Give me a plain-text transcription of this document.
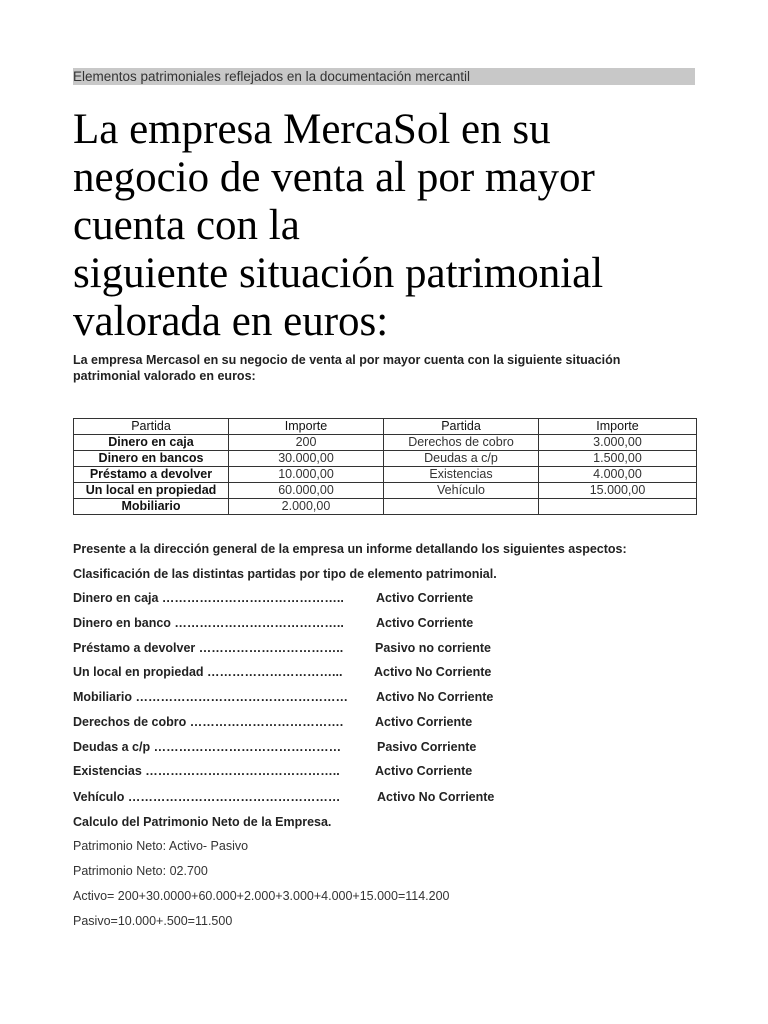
Elementos patrimoniales reflejados en la documentación mercantil
La empresa MercaSol en su
negocio de venta al por mayor
cuenta con la
siguiente situación patrimonial
valorada en euros:
La empresa Mercasol en su negocio de venta al por mayor cuenta con la siguiente situación patrimonial valorado en euros:
Partida	Importe	Partida	Importe
Dinero en caja	200	Derechos de cobro	3.000,00
Dinero en bancos	30.000,00	Deudas a c/p	1.500,00
Préstamo a devolver	10.000,00	Existencias	4.000,00
Un local en propiedad	60.000,00	Vehículo	15.000,00
Mobiliario	2.000,00		
Presente a la dirección general de la empresa un informe detallando los siguientes aspectos:
Clasificación de las distintas partidas por tipo de elemento patrimonial.
Dinero en caja ……………………………………..	Activo Corriente
Dinero en banco …………………………………..	Activo Corriente
Préstamo a devolver ……………………………..	Pasivo no corriente
Un local en propiedad …………………………...	Activo No Corriente
Mobiliario …………………………………………… Activo No Corriente
Derechos de cobro ……………………………….	Activo Corriente
Deudas a c/p ………………………………………	Pasivo Corriente
Existencias ………………………………………..	Activo Corriente
Vehículo ……………………………………………	Activo No Corriente
Calculo del Patrimonio Neto de la Empresa.
Patrimonio Neto: Activo- Pasivo
Patrimonio Neto: 02.700
Activo= 200+30.0000+60.000+2.000+3.000+4.000+15.000=114.200
Pasivo=10.000+.500=11.500
